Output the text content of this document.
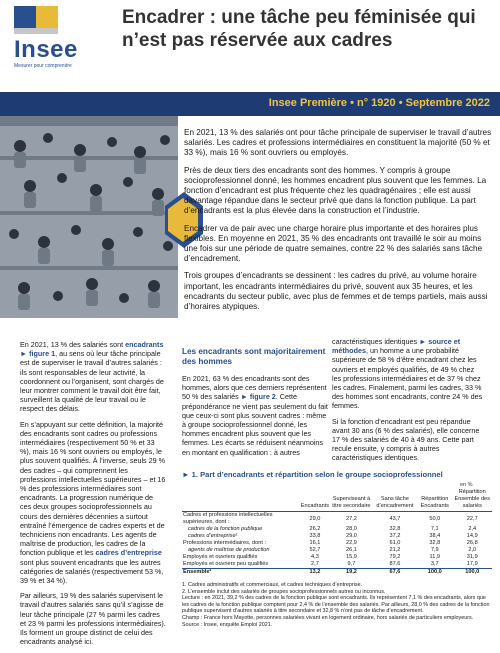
Insee
Mesurer pour comprendre
Encadrer : une tâche peu féminisée qui n’est pas réservée aux cadres
Insee Première • n° 1920 • Septembre 2022

En 2021, 13 % des salariés ont pour tâche principale de superviser le travail d’autres salariés. Les cadres et professions intermédiaires en constituent la majorité (50 % et 33 %), mais 16 % sont ouvriers ou employés.

Près de deux tiers des encadrants sont des hommes. Y compris à groupe socioprofessionnel donné, les hommes encadrent plus souvent que les femmes. La fonction d’encadrant est plus fréquente chez les quadragénaires ; elle est aussi davantage répandue dans le secteur privé que dans la fonction publique. La part d’encadrants est la plus élevée dans la construction et l’industrie.

Encadrer va de pair avec une charge horaire plus importante et des horaires plus flexibles. En moyenne en 2021, 35 % des encadrants ont travaillé le soir au moins une fois sur une période de quatre semaines, contre 22 % des salariés sans tâche d’encadrement.

Trois groupes d’encadrants se dessinent : les cadres du privé, au volume horaire important, les encadrants intermédiaires du privé, souvent aux 35 heures, et les encadrants du secteur public, avec plus de femmes et de temps partiels, mais aussi d’horaires atypiques.

En 2021, 13 % des salariés sont encadrants ► figure 1, au sens où leur tâche principale est de superviser le travail d’autres salariés : ils sont responsables de leur activité, la coordonnent ou l’organisent, sont chargés de leur montrer comment le travail doit être fait, surveillent la qualité de leur travail ou le respect des délais.

En s’appuyant sur cette définition, la majorité des encadrants sont cadres ou professions intermédiaires (respectivement 50 % et 33 %), mais 16 % sont ouvriers ou employés, le plus souvent qualifiés. À l’inverse, seuls 29 % des cadres – qui comprennent les professions intellectuelles supérieures – et 16 % des professions intermédiaires sont encadrants. La progression numérique de ces deux groupes socioprofessionnels au cours des dernières décennies a surtout entraîné l’émergence de cadres experts et de techniciens non encadrants. Les agents de maîtrise de production, les cadres de la fonction publique et les cadres d’entreprise sont plus souvent encadrants que les autres catégories de salariés (respectivement 53 %, 39 % et 34 %).

Par ailleurs, 19 % des salariés supervisent le travail d’autres salariés sans qu’il s’agisse de leur tâche principale (27 % parmi les cadres et 23 % parmi les professions intermédiaires). Ils forment un groupe distinct de celui des encadrants analysé ici.

Les encadrants sont majoritairement des hommes

En 2021, 63 % des encadrants sont des hommes, alors que ces derniers représentent 50 % des salariés ► figure 2. Cette prépondérance ne vient pas seulement du fait que ceux-ci sont plus souvent cadres : même à groupe socioprofessionnel donné, les hommes encadrent plus souvent que les femmes. Les écarts se réduisent néanmoins en montant en qualification : à autres

caractéristiques identiques ► source et méthodes, un homme a une probabilité supérieure de 58 % d’être encadrant chez les ouvriers et employés qualifiés, de 49 % chez les professions intermédiaires et de 37 % chez les cadres. Finalement, parmi les cadres, 33 % des hommes sont encadrants, contre 24 % des femmes.

Si la fonction d’encadrant est peu répandue avant 30 ans (6 % des salariés), elle concerne 17 % des salariés de 40 à 49 ans. Cette part recule ensuite, y compris à autres caractéristiques identiques.

► 1. Part d’encadrants et répartition selon le groupe socioprofessionnel
en %
	Encadrants	Superviseant à titre secondaire	Sans tâche d’encadrement	Répartition Encadrants	Répartition Ensemble des salariés
Cadres et professions intellectuelles supérieures, dont :	29,0	27,2	43,7	50,0	22,7
cadres de la fonction publique	26,2	28,0	32,8	7,1	2,4
cadres d’entreprise¹	33,8	29,0	37,2	38,4	14,9
Professions intermédiaires, dont :	16,1	22,9	61,0	32,8	26,8
agents de maîtrise de production	52,7	26,1	21,2	7,9	2,0
Employés et ouvriers qualifiés	4,3	15,9	79,2	11,9	31,9
Employés et ouvriers peu qualifiés	2,7	9,7	87,6	3,7	17,9
Ensemble²	13,2	19,2	67,6	100,0	100,0
1. Cadres administratifs et commerciaux, et cadres techniques d’entreprise.
2. L’ensemble inclut des salariés de groupes socioprofessionnels autres ou inconnus.
Lecture : en 2021, 39,2 % des cadres de la fonction publique sont encadrants. Ils représentent 7,1 % des encadrants, alors que les cadres de la fonction publique comptent pour 2,4 % de l’ensemble des salariés. Par ailleurs, 28,0 % des cadres de la fonction publique supervisent d’autres salariés à titre secondaire et 32,8 % n’ont pas de tâche d’encadrement.
Champ : France hors Mayotte, personnes salariées vivant en logement ordinaire, hors salariés de particuliers employeurs.
Source : Insee, enquête Emploi 2021.
